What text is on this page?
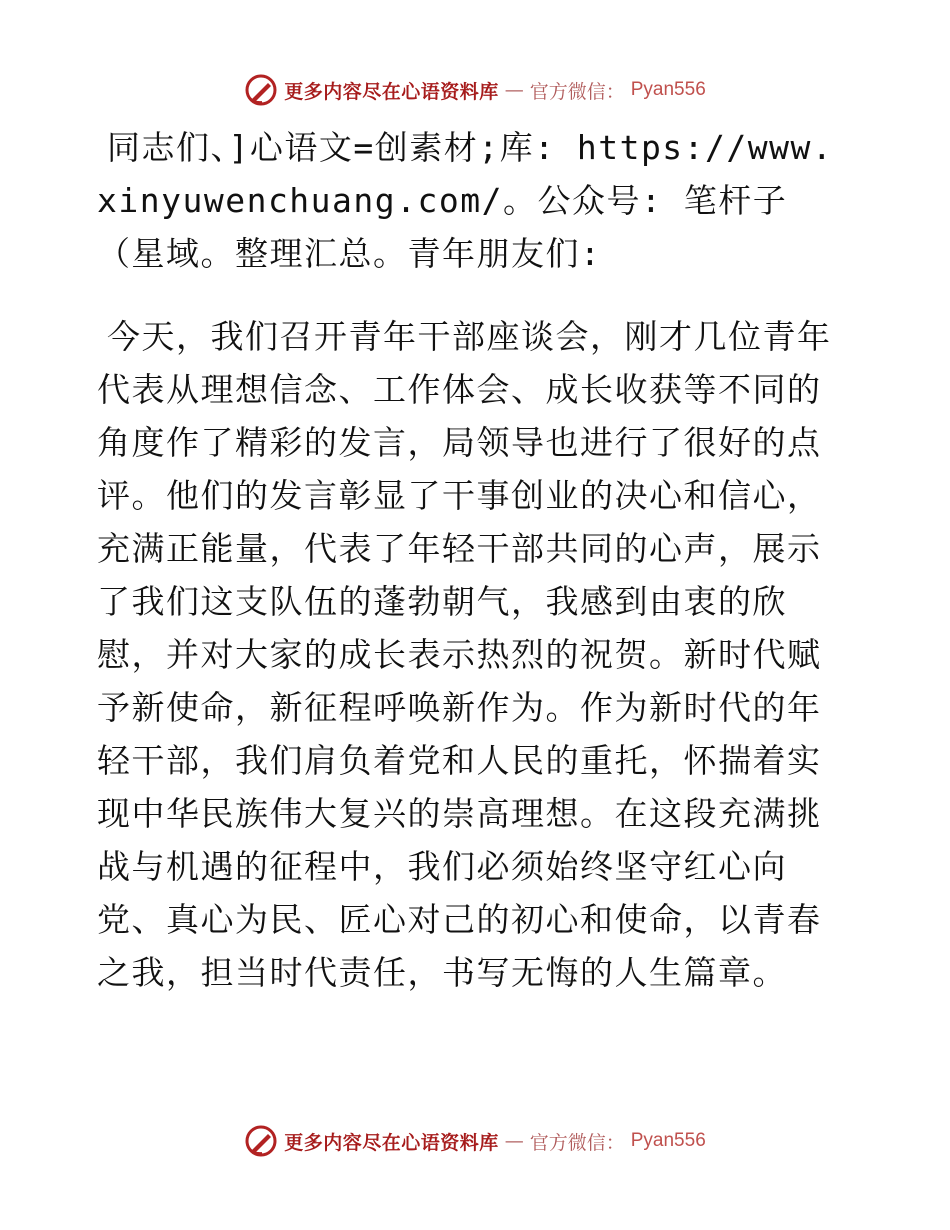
更多内容尽在心语资料库 — 官方微信： Pyan556
同志们、]心语文=创素材;库: https://www.xinyuwenchuang.com/。公众号: 笔杆子（星域。整理汇总。青年朋友们:
今天，我们召开青年干部座谈会，刚才几位青年代表从理想信念、工作体会、成长收获等不同的角度作了精彩的发言，局领导也进行了很好的点评。他们的发言彰显了干事创业的决心和信心，充满正能量，代表了年轻干部共同的心声，展示了我们这支队伍的蓬勃朝气，我感到由衷的欣慰，并对大家的成长表示热烈的祝贺。新时代赋予新使命，新征程呼唤新作为。作为新时代的年轻干部，我们肩负着党和人民的重托，怀揣着实现中华民族伟大复兴的崇高理想。在这段充满挑战与机遇的征程中，我们必须始终坚守红心向党、真心为民、匠心对己的初心和使命，以青春之我，担当时代责任，书写无悔的人生篇章。
更多内容尽在心语资料库 — 官方微信： Pyan556
